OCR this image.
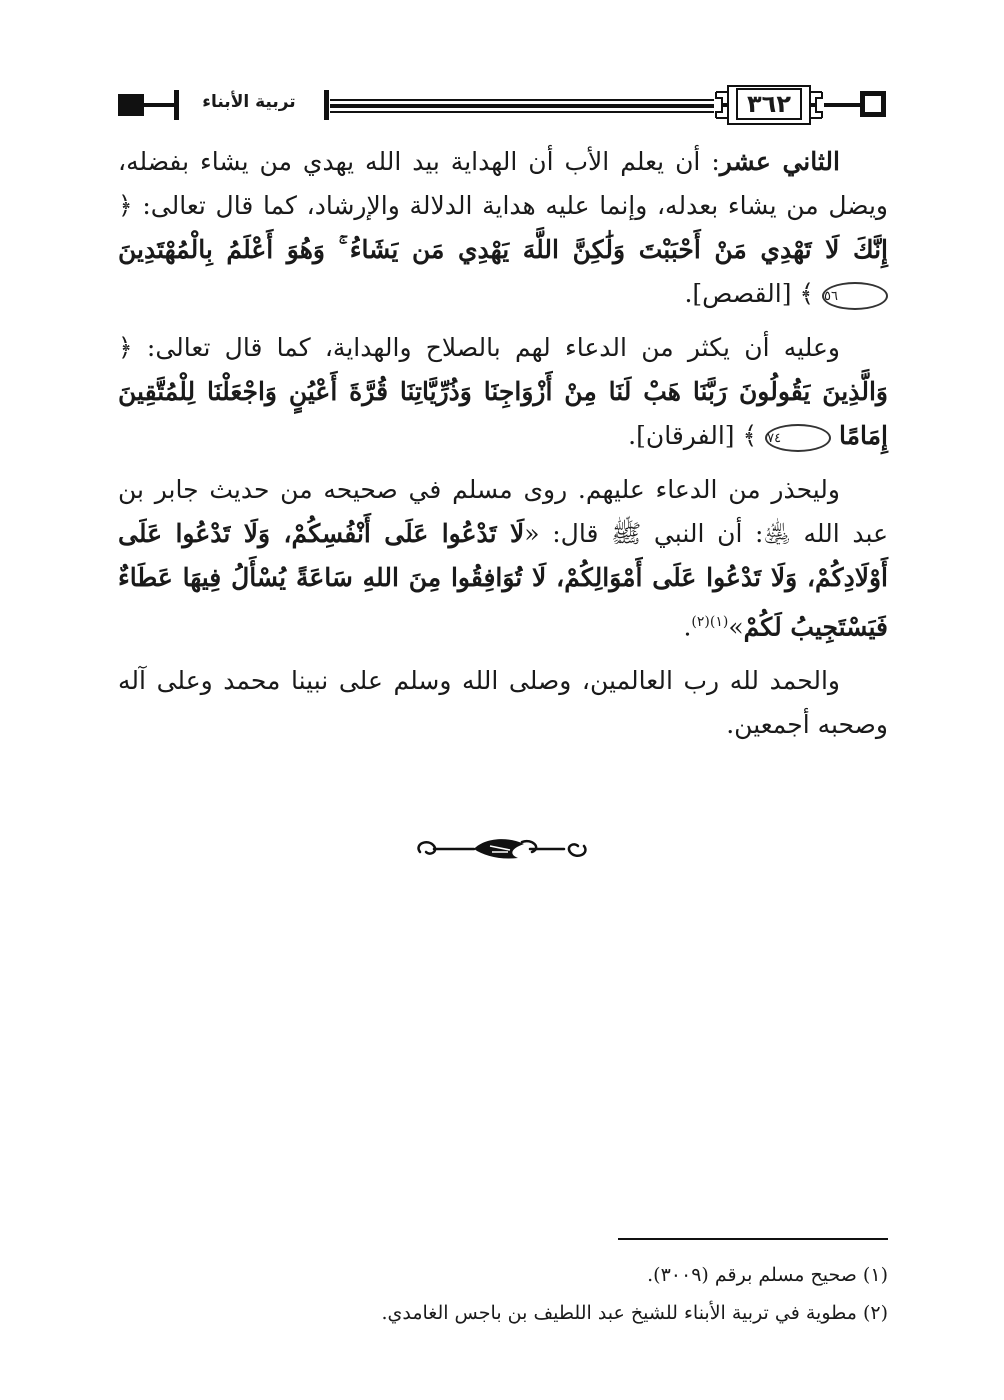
تربية الأبناء	٣٦٢

الثاني عشر: أن يعلم الأب أن الهداية بيد الله يهدي من يشاء بفضله، ويضل من يشاء بعدله، وإنما عليه هداية الدلالة والإرشاد، كما قال تعالى: ﴿ إِنَّكَ لَا تَهْدِي مَنْ أَحْبَبْتَ وَلَٰكِنَّ اللَّهَ يَهْدِي مَن يَشَاءُ ۚ وَهُوَ أَعْلَمُ بِالْمُهْتَدِينَ ٥٦ ﴾ [القصص].

وعليه أن يكثر من الدعاء لهم بالصلاح والهداية، كما قال تعالى: ﴿ وَالَّذِينَ يَقُولُونَ رَبَّنَا هَبْ لَنَا مِنْ أَزْوَاجِنَا وَذُرِّيَّاتِنَا قُرَّةَ أَعْيُنٍ وَاجْعَلْنَا لِلْمُتَّقِينَ إِمَامًا ٧٤ ﴾ [الفرقان].

وليحذر من الدعاء عليهم. روى مسلم في صحيحه من حديث جابر بن عبد الله ﵁: أن النبي ﷺ قال: «لَا تَدْعُوا عَلَى أَنْفُسِكُمْ، وَلَا تَدْعُوا عَلَى أَوْلَادِكُمْ، وَلَا تَدْعُوا عَلَى أَمْوَالِكُمْ، لَا تُوَافِقُوا مِنَ اللهِ سَاعَةً يُسْأَلُ فِيهَا عَطَاءٌ فَيَسْتَجِيبُ لَكُمْ»$^{(١)(٢)}$.

والحمد لله رب العالمين، وصلى الله وسلم على نبينا محمد وعلى آله وصحبه أجمعين.

(١) صحيح مسلم برقم (٣٠٠٩).

(٢) مطوية في تربية الأبناء للشيخ عبد اللطيف بن باجس الغامدي.
